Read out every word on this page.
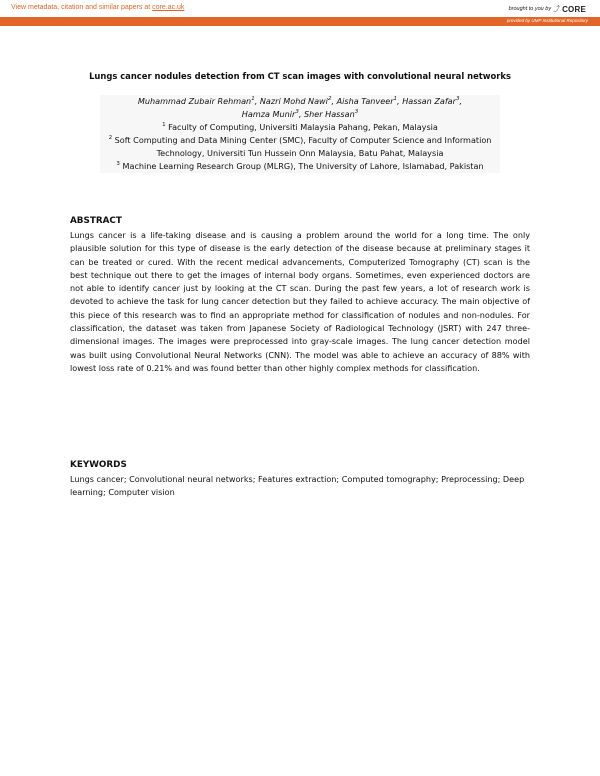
View metadata, citation and similar papers at core.ac.uk	brought to you by ⤴ CORE
provided by UMP Institutional Repository
Lungs cancer nodules detection from CT scan images with convolutional neural networks
Muhammad Zubair Rehman$^1$, Nazri Mohd Nawi$^2$, Aisha Tanveer$^1$, Hassan Zafar$^3$,
Hamza Munir$^3$, Sher Hassan$^3$
$^1$ Faculty of Computing, Universiti Malaysia Pahang, Pekan, Malaysia
$^2$ Soft Computing and Data Mining Center (SMC), Faculty of Computer Science and Information
Technology, Universiti Tun Hussein Onn Malaysia, Batu Pahat, Malaysia
$^3$ Machine Learning Research Group (MLRG), The University of Lahore, Islamabad, Pakistan
ABSTRACT
Lungs cancer is a life-taking disease and is causing a problem around the world for a long time. The only plausible solution for this type of disease is the early detection of the disease because at preliminary stages it can be treated or cured. With the recent medical advancements, Computerized Tomography (CT) scan is the best technique out there to get the images of internal body organs. Sometimes, even experienced doctors are not able to identify cancer just by looking at the CT scan. During the past few years, a lot of research work is devoted to achieve the task for lung cancer detection but they failed to achieve accuracy. The main objective of this piece of this research was to find an appropriate method for classification of nodules and non-nodules. For classification, the dataset was taken from Japanese Society of Radiological Technology (JSRT) with 247 three-dimensional images. The images were preprocessed into gray-scale images. The lung cancer detection model was built using Convolutional Neural Networks (CNN). The model was able to achieve an accuracy of 88% with lowest loss rate of 0.21% and was found better than other highly complex methods for classification.
KEYWORDS
Lungs cancer; Convolutional neural networks; Features extraction; Computed tomography; Preprocessing; Deep learning; Computer vision
